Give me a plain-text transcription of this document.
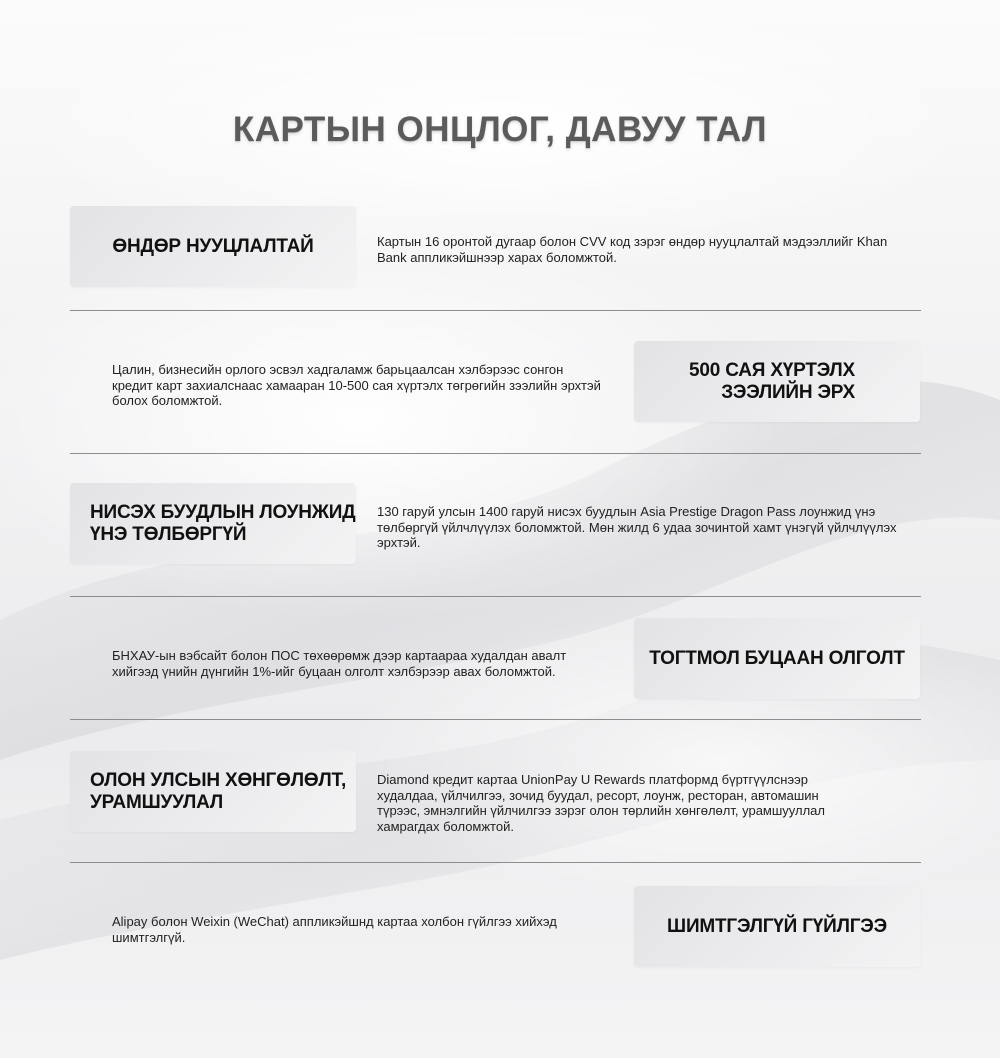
КАРТЫН ОНЦЛОГ, ДАВУУ ТАЛ
ӨНДӨР НУУЦЛАЛТАЙ	Картын 16 оронтой дугаар болон CVV код зэрэг өндөр нууцлалтай мэдээллийг Khan Bank аппликэйшнээр харах боломжтой.
Цалин, бизнесийн орлого эсвэл хадгаламж барьцаалсан хэлбэрээс сонгон кредит карт захиалснаас хамааран 10-500 сая хүртэлх төгрөгийн зээлийн эрхтэй болох боломжтой.
500 САЯ ХҮРТЭЛХ
ЗЭЭЛИЙН ЭРХ
НИСЭХ БУУДЛЫН ЛОУНЖИД
ҮНЭ ТӨЛБӨРГҮЙ
130 гаруй улсын 1400 гаруй нисэх буудлын Asia Prestige Dragon Pass лоунжид үнэ төлбөргүй үйлчлүүлэх боломжтой. Мөн жилд 6 удаа зочинтой хамт үнэгүй үйлчлүүлэх эрхтэй.
БНХАУ-ын вэбсайт болон ПОС төхөөрөмж дээр картаараа худалдан авалт хийгээд үнийн дүнгийн 1%-ийг буцаан олголт хэлбэрээр авах боломжтой.
ТОГТМОЛ БУЦААН ОЛГОЛТ
ОЛОН УЛСЫН ХӨНГӨЛӨЛТ,
УРАМШУУЛАЛ
Diamond кредит картаа UnionPay U Rewards платформд бүртгүүлснээр худалдаа, үйлчилгээ, зочид буудал, ресорт, лоунж, ресторан, автомашин түрээс, эмнэлгийн үйлчилгээ зэрэг олон төрлийн хөнгөлөлт, урамшууллал хамрагдах боломжтой.
Alipay болон Weixin (WeChat) аппликэйшнд картаа холбон гүйлгээ хийхэд шимтгэлгүй.
ШИМТГЭЛГҮЙ ГҮЙЛГЭЭ
